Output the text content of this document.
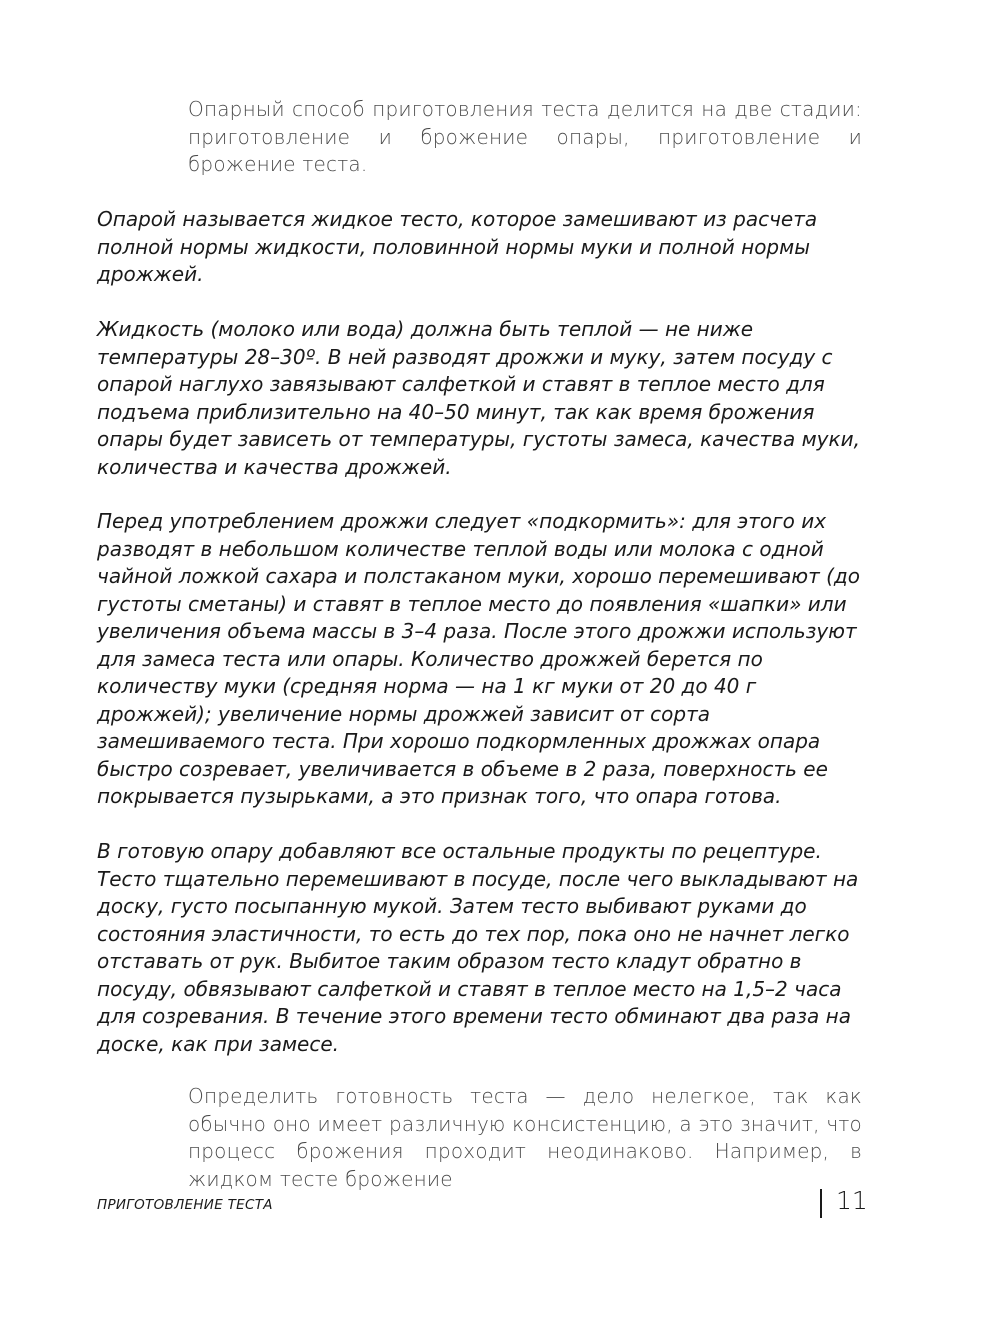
Опарный способ приготовления теста делится на две стадии: приготовление и брожение опары, приготовление и брожение теста.

Опарой называется жидкое тесто, которое замешивают из расчета полной нормы жидкости, половинной нормы муки и полной нормы дрожжей.

Жидкость (молоко или вода) должна быть теплой — не ниже температуры 28–30º. В ней разводят дрожжи и муку, затем посуду с опарой наглухо завязывают салфеткой и ставят в теплое место для подъема приблизительно на 40–50 минут, так как время брожения опары будет зависеть от температуры, густоты замеса, качества муки, количества и качества дрожжей.

Перед употреблением дрожжи следует «подкормить»: для этого их разводят в небольшом количестве теплой воды или молока с одной чайной ложкой сахара и полстаканом муки, хорошо перемешивают (до густоты сметаны) и ставят в теплое место до появления «шапки» или увеличения объема массы в 3–4 раза. После этого дрожжи используют для замеса теста или опары. Количество дрожжей берется по количеству муки (средняя норма — на 1 кг муки от 20 до 40 г дрожжей); увеличение нормы дрожжей зависит от сорта замешиваемого теста. При хорошо подкормленных дрожжах опара быстро созревает, увеличивается в объеме в 2 раза, поверхность ее покрывается пузырьками, а это признак того, что опара готова.

В готовую опару добавляют все остальные продукты по рецептуре. Тесто тщательно перемешивают в посуде, после чего выкладывают на доску, густо посыпанную мукой. Затем тесто выбивают руками до состояния эластичности, то есть до тех пор, пока оно не начнет легко отставать от рук. Выбитое таким образом тесто кладут обратно в посуду, обвязывают салфеткой и ставят в теплое место на 1,5–2 часа для созревания. В течение этого времени тесто обминают два раза на доске, как при замесе.

Определить готовность теста — дело нелегкое, так как обычно оно имеет различную консистенцию, а это значит, что процесс брожения проходит неодинаково. Например, в жидком тесте брожение

ПРИГОТОВЛЕНИЕ ТЕСТА	11
